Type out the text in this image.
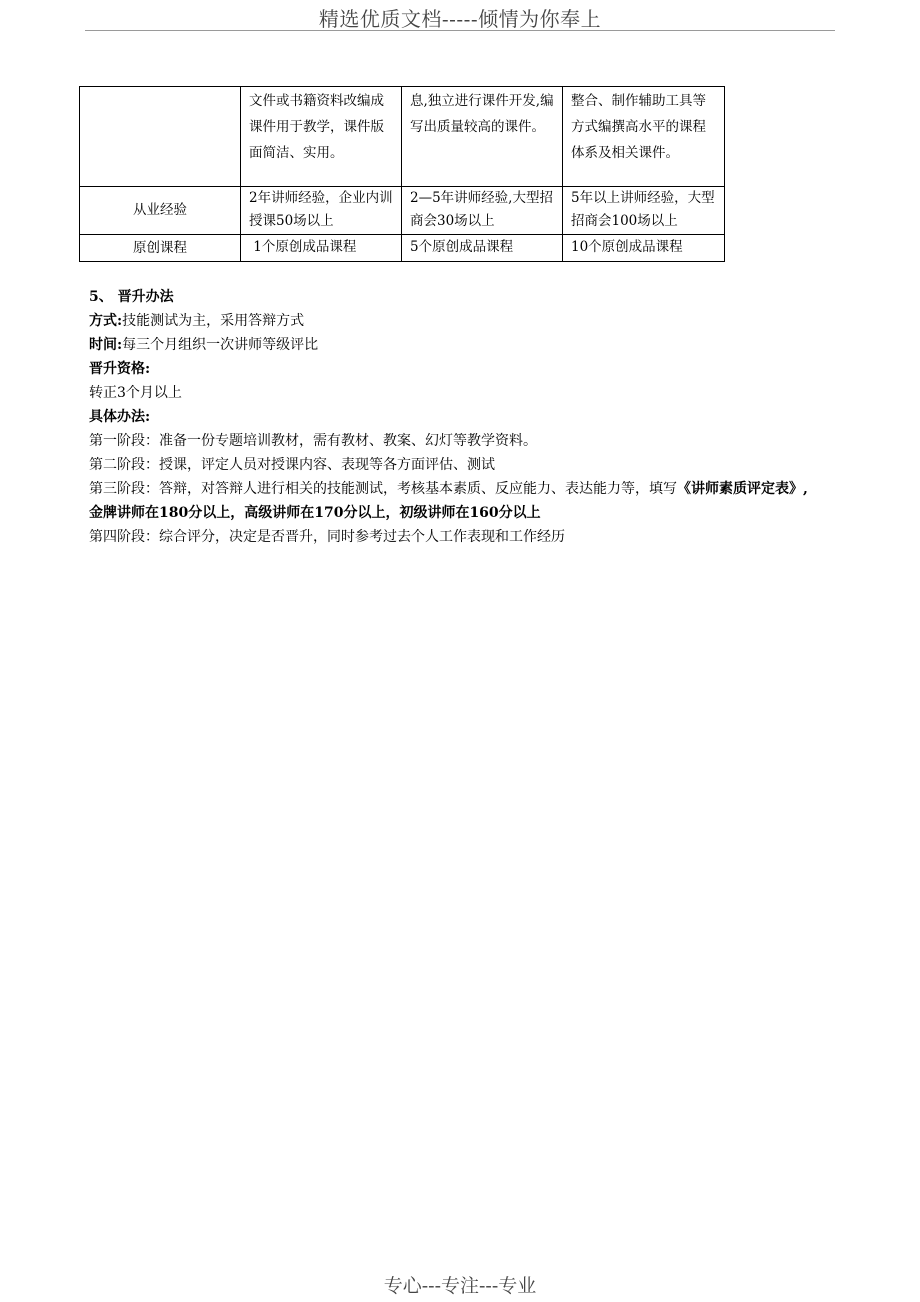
精选优质文档-----倾情为你奉上
	文件或书籍资料改编成课件用于教学，课件版面简洁、实用。	息,独立进行课件开发,编写出质量较高的课件。	整合、制作辅助工具等方式编撰高水平的课程体系及相关课件。
从业经验	2年讲师经验，企业内训授课50场以上	2—5年讲师经验,大型招商会30场以上	5年以上讲师经验，大型招商会100场以上
原创课程	1个原创成品课程	5个原创成品课程	10个原创成品课程
5、 晋升办法
方式:技能测试为主，采用答辩方式
时间:每三个月组织一次讲师等级评比
晋升资格:
转正3个月以上
具体办法:
第一阶段：准备一份专题培训教材，需有教材、教案、幻灯等教学资料。
第二阶段：授课，评定人员对授课内容、表现等各方面评估、测试
第三阶段：答辩，对答辩人进行相关的技能测试，考核基本素质、反应能力、表达能力等，填写《讲师素质评定表》,
金牌讲师在180分以上，高级讲师在170分以上，初级讲师在160分以上
第四阶段：综合评分，决定是否晋升，同时参考过去个人工作表现和工作经历
专心---专注---专业
